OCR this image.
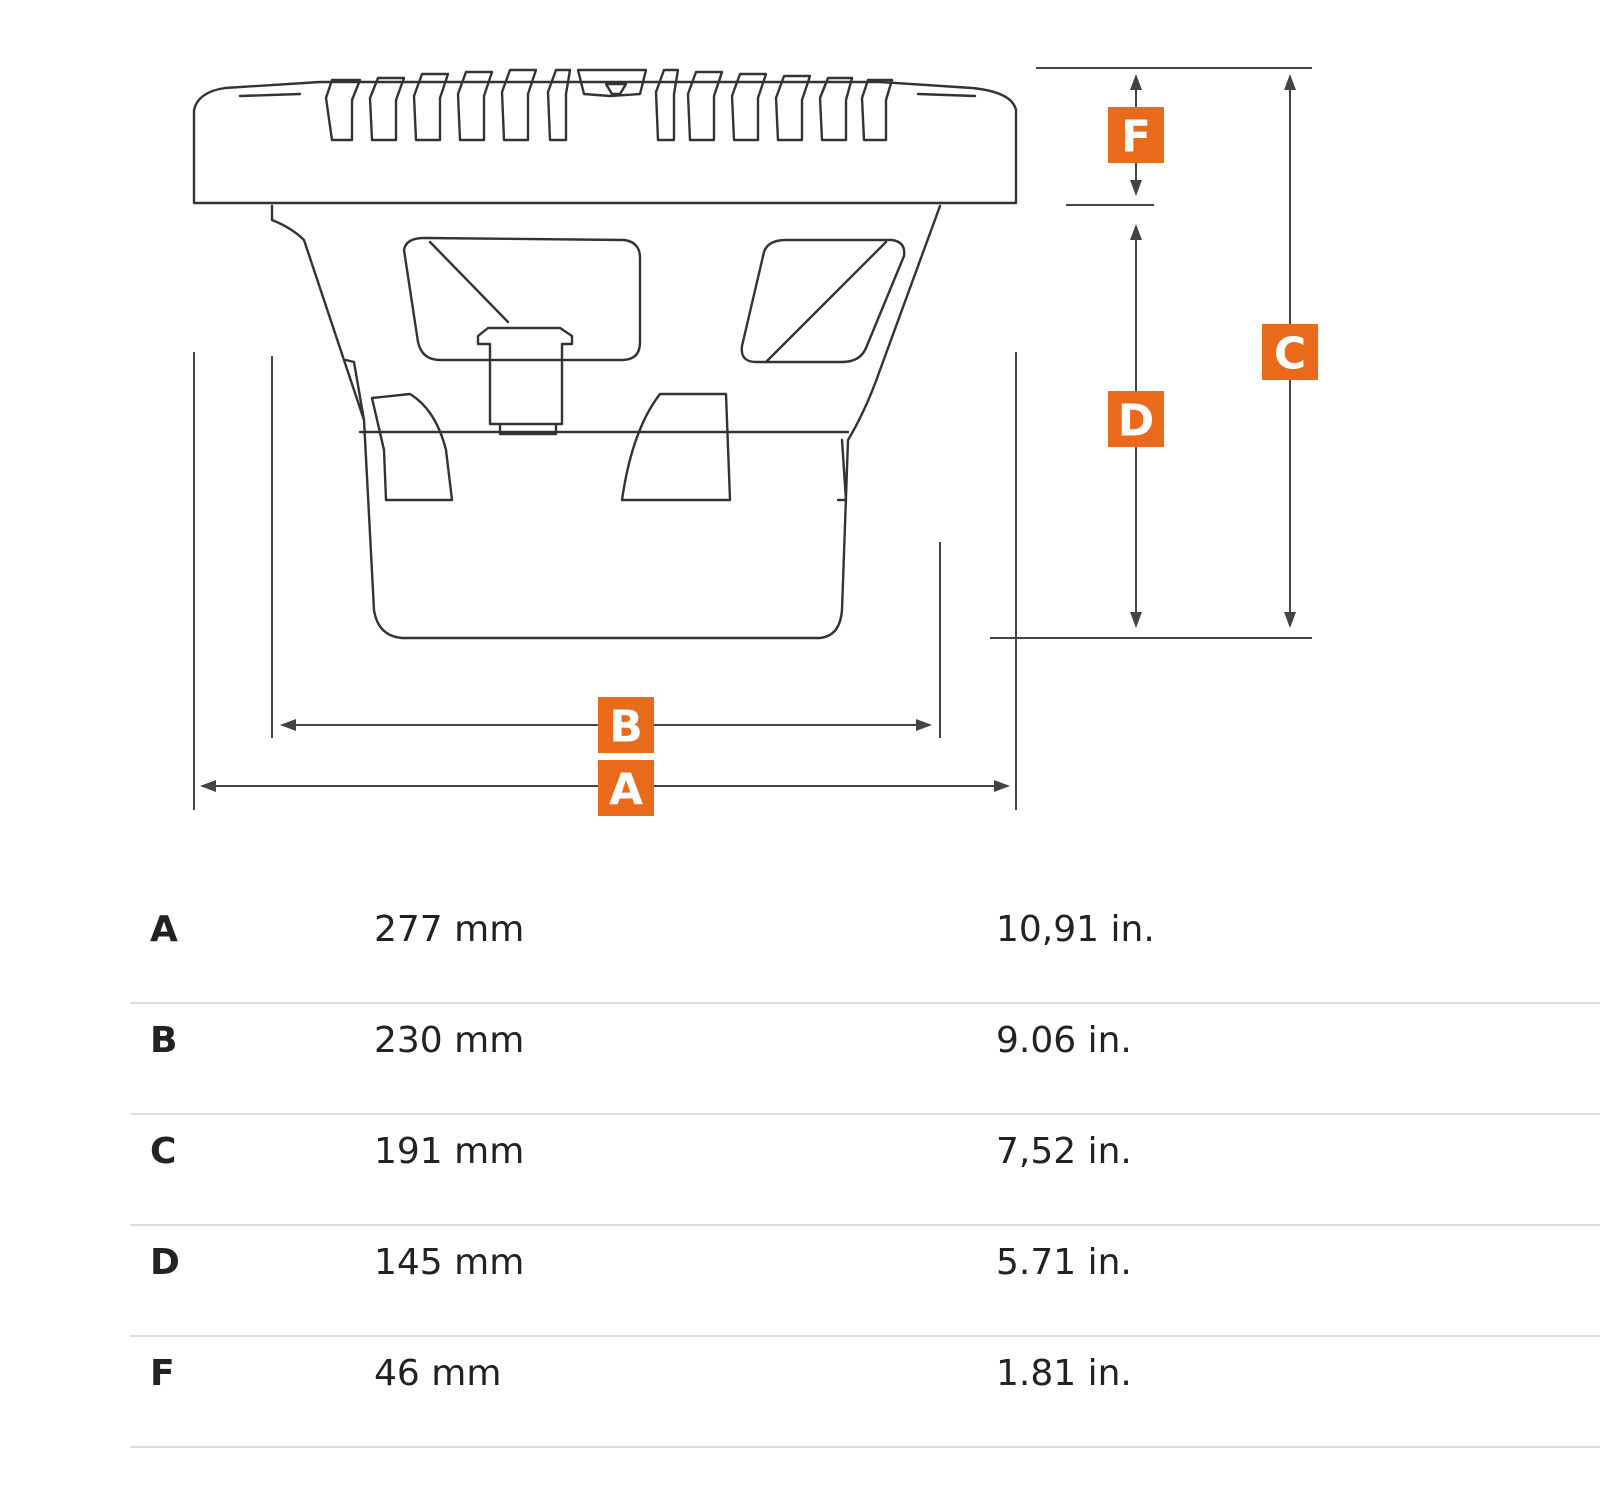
B
A
F
D
C
A	277 mm	10,91 in.
B	230 mm	9.06 in.
C	191 mm	7,52 in.
D	145 mm	5.71 in.
F	46 mm	1.81 in.
